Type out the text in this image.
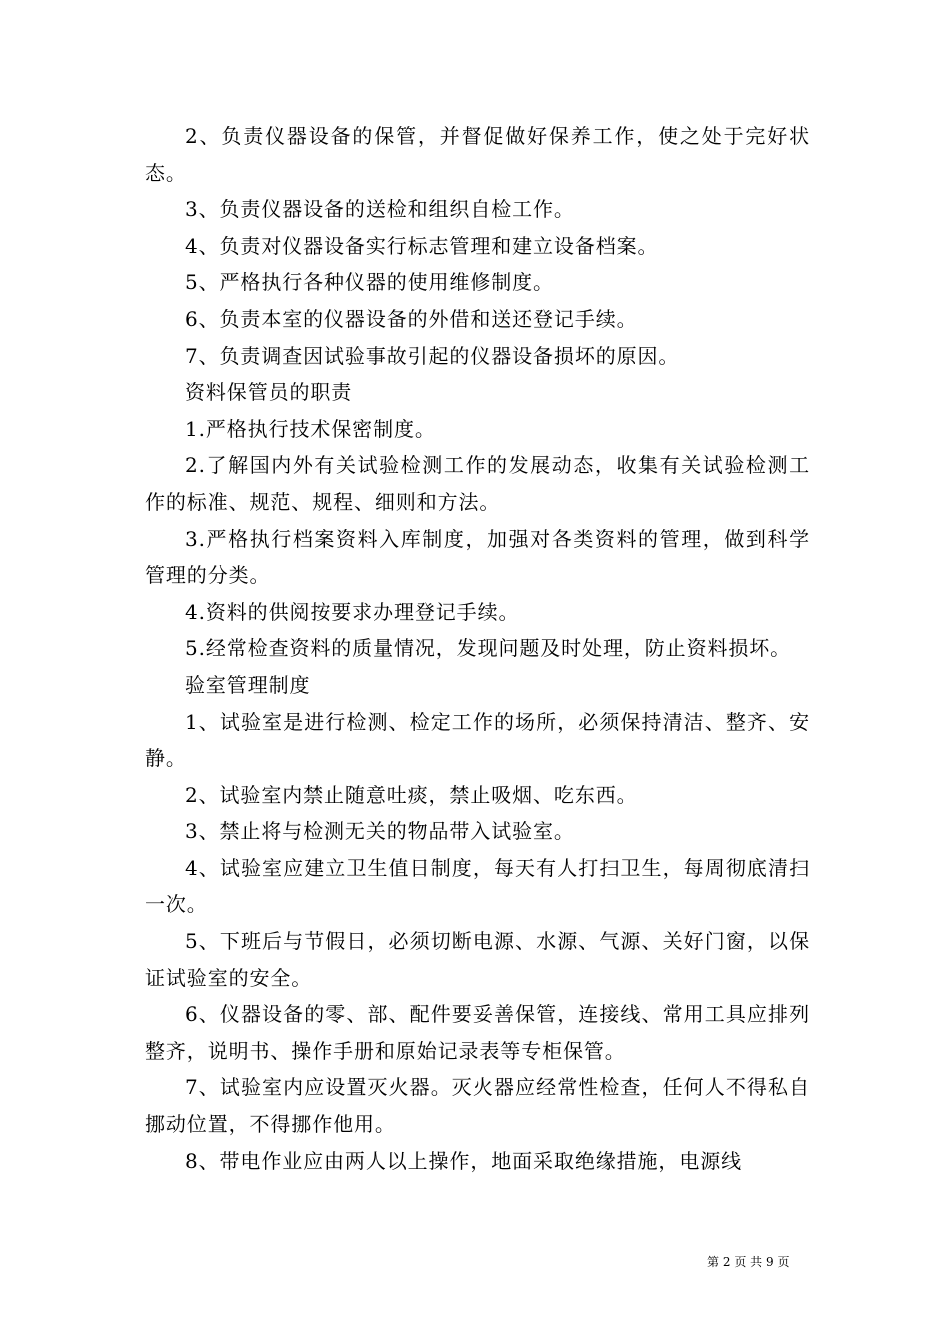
2、负责仪器设备的保管，并督促做好保养工作，使之处于完好状态。

3、负责仪器设备的送检和组织自检工作。

4、负责对仪器设备实行标志管理和建立设备档案。

5、严格执行各种仪器的使用维修制度。

6、负责本室的仪器设备的外借和送还登记手续。

7、负责调查因试验事故引起的仪器设备损坏的原因。

资料保管员的职责

1.严格执行技术保密制度。

2.了解国内外有关试验检测工作的发展动态，收集有关试验检测工作的标准、规范、规程、细则和方法。

3.严格执行档案资料入库制度，加强对各类资料的管理，做到科学管理的分类。

4.资料的供阅按要求办理登记手续。

5.经常检查资料的质量情况，发现问题及时处理，防止资料损坏。

验室管理制度

1、试验室是进行检测、检定工作的场所，必须保持清洁、整齐、安静。

2、试验室内禁止随意吐痰，禁止吸烟、吃东西。

3、禁止将与检测无关的物品带入试验室。

4、试验室应建立卫生值日制度，每天有人打扫卫生，每周彻底清扫一次。

5、下班后与节假日，必须切断电源、水源、气源、关好门窗，以保证试验室的安全。

6、仪器设备的零、部、配件要妥善保管，连接线、常用工具应排列整齐，说明书、操作手册和原始记录表等专柜保管。

7、试验室内应设置灭火器。灭火器应经常性检查，任何人不得私自挪动位置，不得挪作他用。

8、带电作业应由两人以上操作，地面采取绝缘措施，电源线

第 2 页 共 9 页
